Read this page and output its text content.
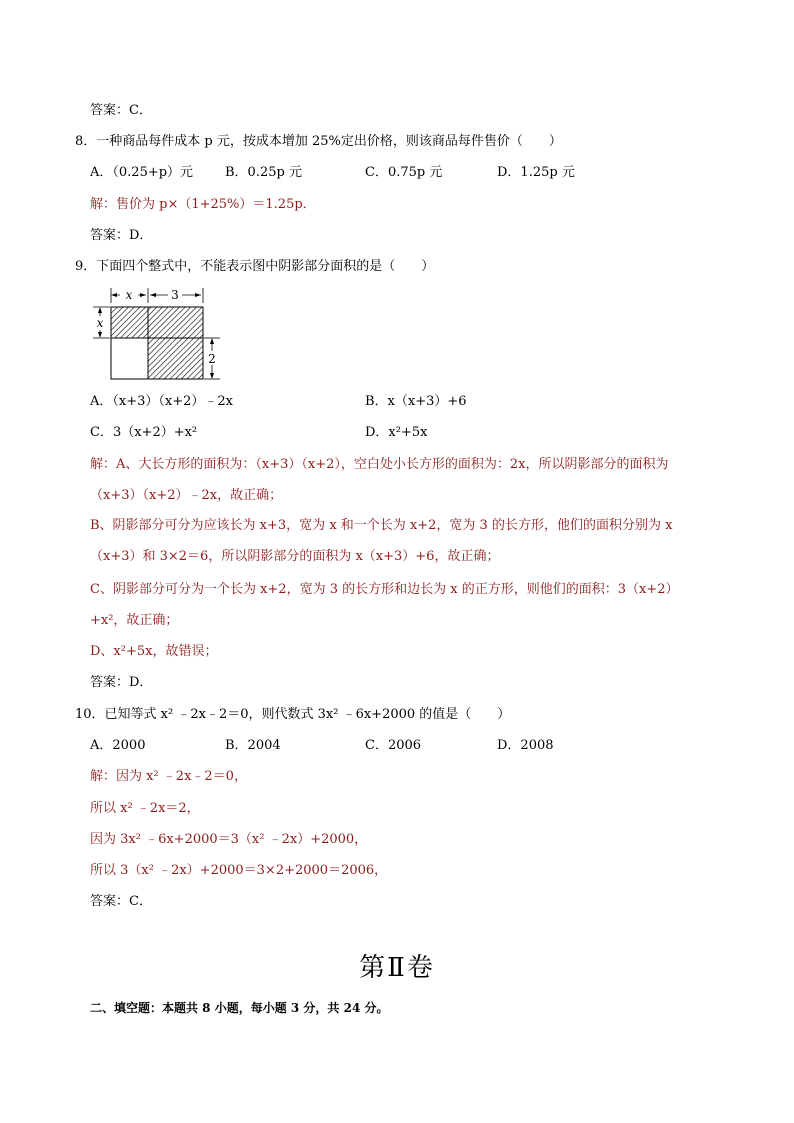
答案：C．
8．一种商品每件成本 p 元，按成本增加 25%定出价格，则该商品每件售价（　　）
A．（0.25+p）元 B．0.25p 元	C．0.75p 元	D．1.25p 元
解：售价为 p×（1+25%）＝1.25p．
答案：D．
9．下面四个整式中，不能表示图中阴影部分面积的是（　　）
x	3
x
2
A．（x+3）（x+2）﹣2x	B．x（x+3）+6
C．3（x+2）+x²	D．x²+5x
解：A、大长方形的面积为：（x+3）（x+2），空白处小长方形的面积为：2x，所以阴影部分的面积为
（x+3）（x+2）﹣2x，故正确；
B、阴影部分可分为应该长为 x+3，宽为 x 和一个长为 x+2，宽为 3 的长方形，他们的面积分别为 x
（x+3）和 3×2＝6，所以阴影部分的面积为 x（x+3）+6，故正确；
C、阴影部分可分为一个长为 x+2，宽为 3 的长方形和边长为 x 的正方形，则他们的面积：3（x+2）
+x²，故正确；
D、x²+5x，故错误；
答案：D．
10．已知等式 x² ﹣2x﹣2＝0，则代数式 3x² ﹣6x+2000 的值是（　　）
A．2000	B．2004	C．2006	D．2008
解：因为 x² ﹣2x﹣2＝0，
所以 x² ﹣2x＝2，
因为 3x² ﹣6x+2000＝3（x² ﹣2x）+2000，
所以 3（x² ﹣2x）+2000＝3×2+2000＝2006，
答案：C．
第Ⅱ卷
二、填空题：本题共 8 小题，每小题 3 分，共 24 分。
